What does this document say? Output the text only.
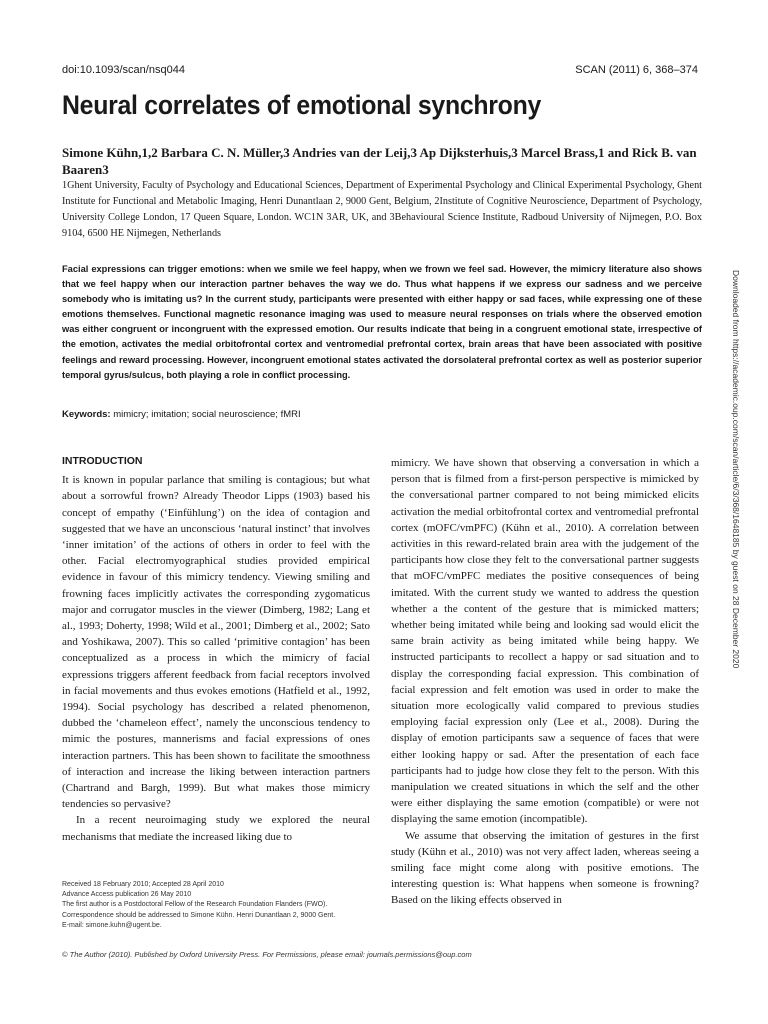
doi:10.1093/scan/nsq044	SCAN (2011) 6, 368–374
Neural correlates of emotional synchrony
Simone Kühn,1,2 Barbara C. N. Müller,3 Andries van der Leij,3 Ap Dijksterhuis,3 Marcel Brass,1 and Rick B. van Baaren3
1Ghent University, Faculty of Psychology and Educational Sciences, Department of Experimental Psychology and Clinical Experimental Psychology, Ghent Institute for Functional and Metabolic Imaging, Henri Dunantlaan 2, 9000 Gent, Belgium, 2Institute of Cognitive Neuroscience, Department of Psychology, University College London, 17 Queen Square, London. WC1N 3AR, UK, and 3Behavioural Science Institute, Radboud University of Nijmegen, P.O. Box 9104, 6500 HE Nijmegen, Netherlands
Facial expressions can trigger emotions: when we smile we feel happy, when we frown we feel sad. However, the mimicry literature also shows that we feel happy when our interaction partner behaves the way we do. Thus what happens if we express our sadness and we perceive somebody who is imitating us? In the current study, participants were presented with either happy or sad faces, while expressing one of these emotions themselves. Functional magnetic resonance imaging was used to measure neural responses on trials where the observed emotion was either congruent or incongruent with the expressed emotion. Our results indicate that being in a congruent emotional state, irrespective of the emotion, activates the medial orbitofrontal cortex and ventromedial prefrontal cortex, brain areas that have been associated with positive feelings and reward processing. However, incongruent emotional states activated the dorsolateral prefrontal cortex as well as posterior superior temporal gyrus/sulcus, both playing a role in conflict processing.
Keywords: mimicry; imitation; social neuroscience; fMRI
INTRODUCTION

It is known in popular parlance that smiling is contagious; but what about a sorrowful frown? Already Theodor Lipps (1903) based his concept of empathy (‘Einfühlung’) on the idea of contagion and suggested that we have an unconscious ‘natural instinct’ that involves ‘inner imitation’ of the actions of others in order to feel with the other. Facial electromyographical studies provided empirical evidence in favour of this mimicry tendency. Viewing smiling and frowning faces implicitly activates the corresponding zygomaticus major and corrugator muscles in the viewer (Dimberg, 1982; Lang et al., 1993; Doherty, 1998; Wild et al., 2001; Dimberg et al., 2002; Sato and Yoshikawa, 2007). This so called ‘primitive contagion’ has been conceptualized as a process in which the mimicry of facial expressions triggers afferent feedback from facial receptors involved in facial movements and thus evokes emotions (Hatfield et al., 1992, 1994). Social psychology has described a related phenomenon, dubbed the ‘chameleon effect’, namely the unconscious tendency to mimic the postures, mannerisms and facial expressions of ones interaction partners. This has been shown to facilitate the smoothness of interaction and increase the liking between interaction partners (Chartrand and Bargh, 1999). But what makes those mimicry tendencies so pervasive?

In a recent neuroimaging study we explored the neural mechanisms that mediate the increased liking due to

mimicry. We have shown that observing a conversation in which a person that is filmed from a first-person perspective is mimicked by the conversational partner compared to not being mimicked elicits activation the medial orbitofrontal cortex and ventromedial prefrontal cortex (mOFC/vmPFC) (Kühn et al., 2010). A correlation between activities in this reward-related brain area with the judgement of the participants how close they felt to the conversational partner suggests that mOFC/vmPFC mediates the positive consequences of being imitated. With the current study we wanted to address the question whether a the content of the gesture that is mimicked matters; whether being imitated while being and looking sad would elicit the same brain activity as being imitated while being happy. We instructed participants to recollect a happy or sad situation and to display the corresponding facial expression. This combination of facial expression and felt emotion was used in order to make the situation more ecologically valid compared to previous studies employing facial expression only (Lee et al., 2008). During the display of emotion participants saw a sequence of faces that were either looking happy or sad. After the presentation of each face participants had to judge how close they felt to the person. With this manipulation we created situations in which the self and the other were either displaying the same emotion (compatible) or were not displaying the same emotion (incompatible).

We assume that observing the imitation of gestures in the first study (Kühn et al., 2010) was not very affect laden, whereas seeing a smiling face might come along with positive emotions. The interesting question is: What happens when someone is frowning? Based on the liking effects observed in

Received 18 February 2010; Accepted 28 April 2010
Advance Access publication 26 May 2010
The first author is a Postdoctoral Fellow of the Research Foundation Flanders (FWO).
Correspondence should be addressed to Simone Kühn. Henri Dunantlaan 2, 9000 Gent.
E-mail: simone.kuhn@ugent.be.
© The Author (2010). Published by Oxford University Press. For Permissions, please email: journals.permissions@oup.com
Downloaded from https://academic.oup.com/scan/article/6/3/368/1648185 by guest on 28 December 2020
